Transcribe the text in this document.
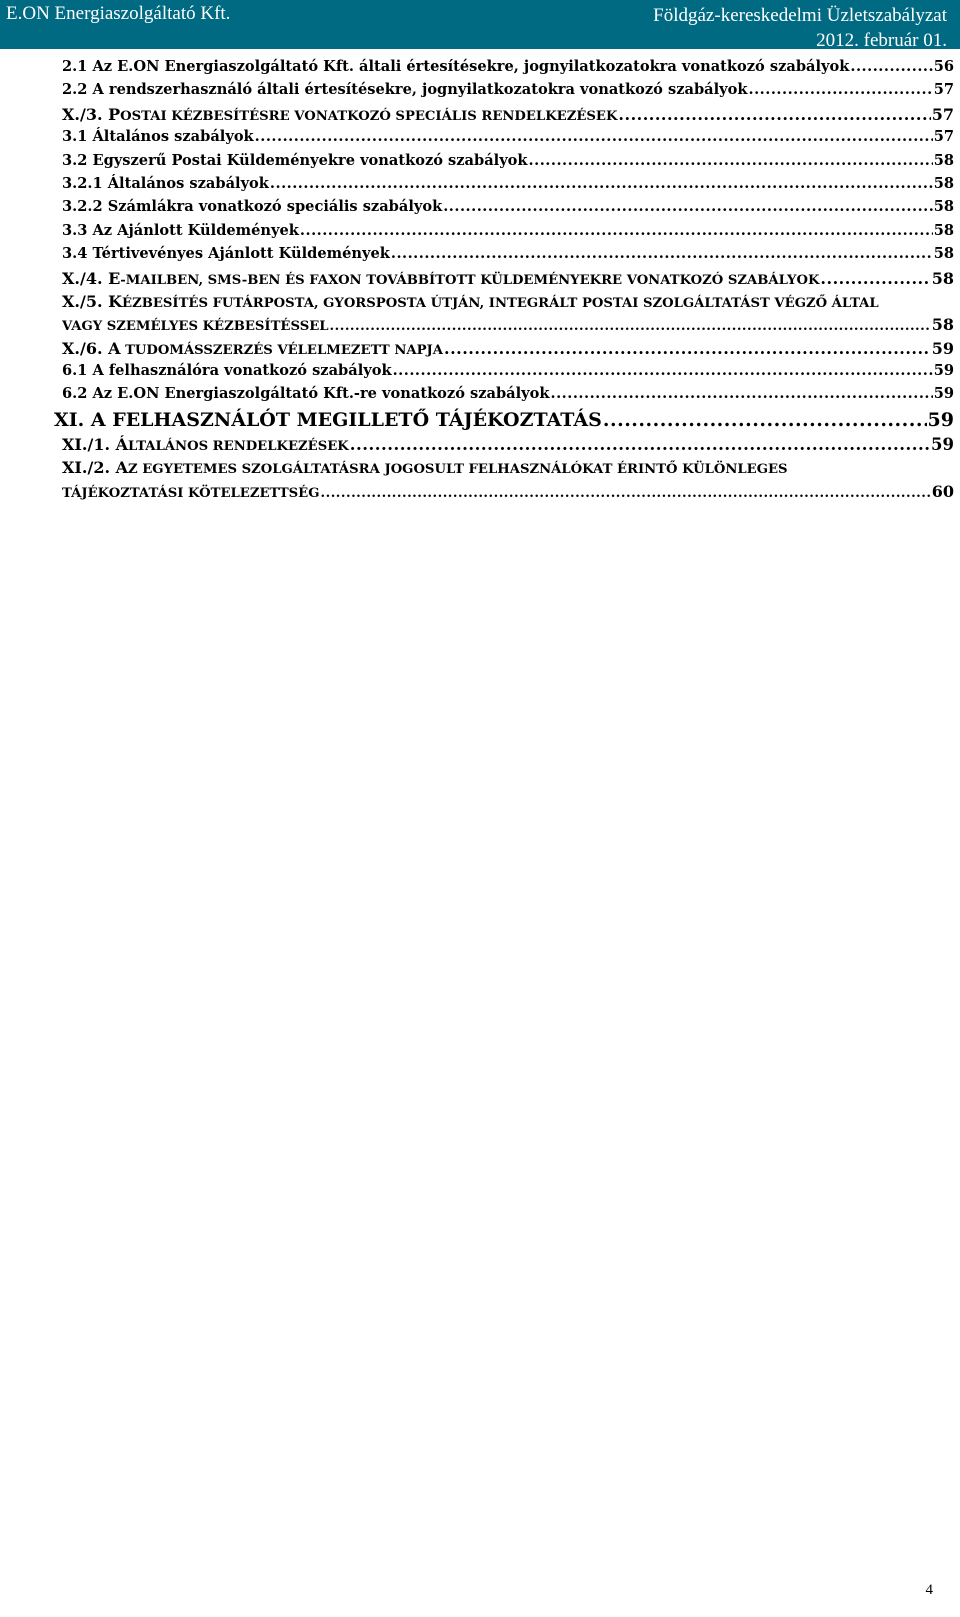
E.ON Energiaszolgáltató Kft.	Földgáz-kereskedelmi Üzletszabályzat
2012. február 01.
2.1 Az E.ON Energiaszolgáltató Kft. általi értesítésekre, jognyilatkozatokra vonatkozó szabályok .....	56
2.2 A rendszerhasználó általi értesítésekre, jognyilatkozatokra vonatkozó szabályok .....	57
X./3. POSTAI KÉZBESÍTÉSRE VONATKOZÓ SPECIÁLIS RENDELKEZÉSEK .....	57
3.1 Általános szabályok .....	57
3.2 Egyszerű Postai Küldeményekre vonatkozó szabályok .....	58
3.2.1 Általános szabályok .....	58
3.2.2 Számlákra vonatkozó speciális szabályok .....	58
3.3 Az Ajánlott Küldemények .....	58
3.4 Tértivevényes Ajánlott Küldemények .....	58
X./4. E-MAILBEN, SMS-BEN ÉS FAXON TOVÁBBÍTOTT KÜLDEMÉNYEKRE VONATKOZÓ SZABÁLYOK .....	58
X./5. KÉZBESÍTÉS FUTÁRPOSTA, GYORSPOSTA ÚTJÁN, INTEGRÁLT POSTAI SZOLGÁLTATÁST VÉGZŐ ÁLTAL
VAGY SZEMÉLYES KÉZBESÍTÉSSEL .....	58
X./6. A TUDOMÁSSZERZÉS VÉLELMEZETT NAPJA .....	59
6.1 A felhasználóra vonatkozó szabályok .....	59
6.2 Az E.ON Energiaszolgáltató Kft.-re vonatkozó szabályok .....	59
XI. A FELHASZNÁLÓT MEGILLETŐ TÁJÉKOZTATÁS .....	59
XI./1. ÁLTALÁNOS RENDELKEZÉSEK .....	59
XI./2. AZ EGYETEMES SZOLGÁLTATÁSRA JOGOSULT FELHASZNÁLÓKAT ÉRINTŐ KÜLÖNLEGES
TÁJÉKOZTATÁSI KÖTELEZETTSÉG .....	60
4
